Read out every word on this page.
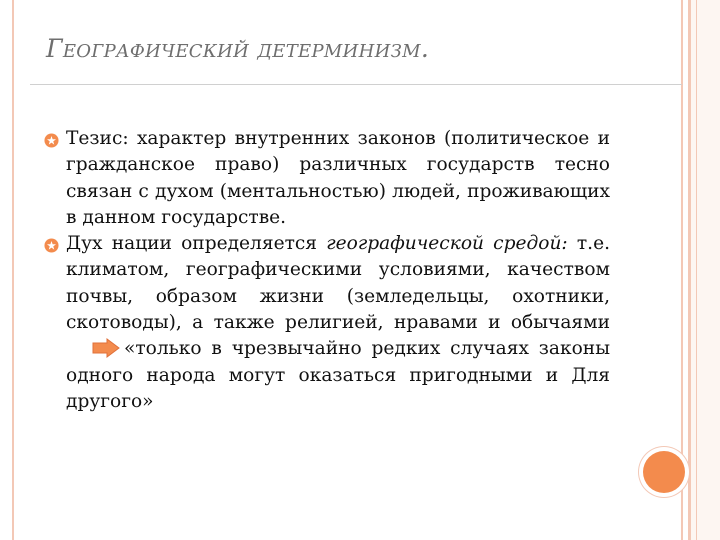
Географический детерминизм.
Тезис: характер внутренних законов (политическое и гражданское право) различных государств тесно связан с духом (ментальностью) людей, проживающих в данном государстве.
Дух нации определяется географической средой: т.е. климатом, географическими условиями, качеством почвы, образом жизни (земледельцы, охотники, скотоводы), а также религией, нравами и обычаями«только в чрезвычайно редких случаях законы одного народа могут оказаться пригодными и Для другого»
